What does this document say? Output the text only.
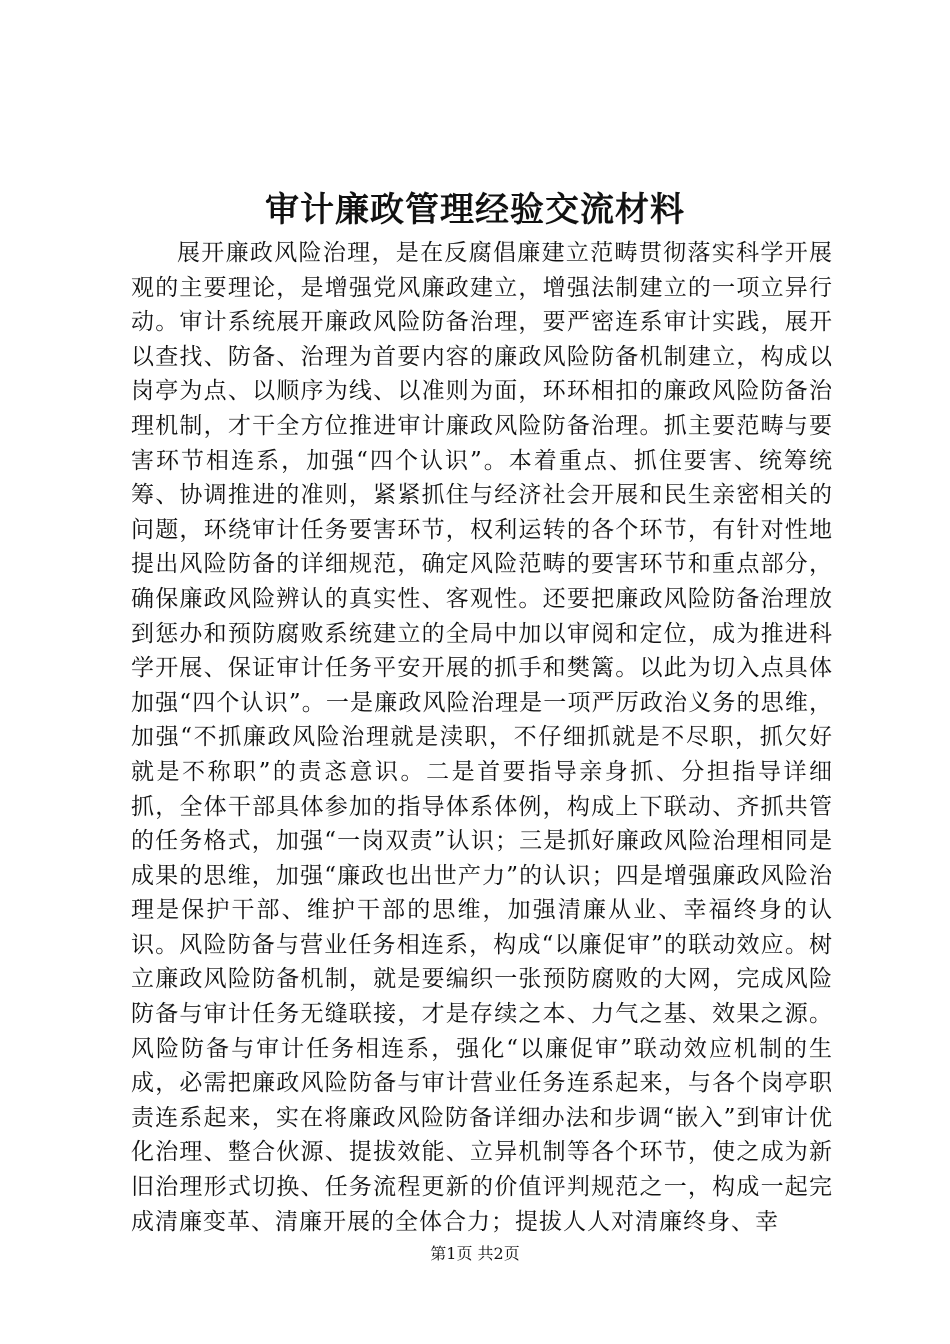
审计廉政管理经验交流材料

展开廉政风险治理，是在反腐倡廉建立范畴贯彻落实科学开展观的主要理论，是增强党风廉政建立，增强法制建立的一项立异行动。审计系统展开廉政风险防备治理，要严密连系审计实践，展开以查找、防备、治理为首要内容的廉政风险防备机制建立，构成以岗亭为点、以顺序为线、以准则为面，环环相扣的廉政风险防备治理机制，才干全方位推进审计廉政风险防备治理。抓主要范畴与要害环节相连系，加强“四个认识”。本着重点、抓住要害、统筹统筹、协调推进的准则，紧紧抓住与经济社会开展和民生亲密相关的问题，环绕审计任务要害环节，权利运转的各个环节，有针对性地提出风险防备的详细规范，确定风险范畴的要害环节和重点部分，确保廉政风险辨认的真实性、客观性。还要把廉政风险防备治理放到惩办和预防腐败系统建立的全局中加以审阅和定位，成为推进科学开展、保证审计任务平安开展的抓手和樊篱。以此为切入点具体加强“四个认识”。一是廉政风险治理是一项严厉政治义务的思维，加强“不抓廉政风险治理就是渎职，不仔细抓就是不尽职，抓欠好就是不称职”的责忞意识。二是首要指导亲身抓、分担指导详细抓，全体干部具体参加的指导体系体例，构成上下联动、齐抓共管的任务格式，加强“一岗双责”认识；三是抓好廉政风险治理相同是成果的思维，加强“廉政也出世产力”的认识；四是增强廉政风险治理是保护干部、维护干部的思维，加强清廉从业、幸福终身的认识。风险防备与营业任务相连系，构成“以廉促审”的联动效应。树立廉政风险防备机制，就是要编织一张预防腐败的大网，完成风险防备与审计任务无缝联接，才是存续之本、力气之基、效果之源。风险防备与审计任务相连系，强化“以廉促审”联动效应机制的生成，必需把廉政风险防备与审计营业任务连系起来，与各个岗亭职责连系起来，实在将廉政风险防备详细办法和步调“嵌入”到审计优化治理、整合伙源、提拔效能、立异机制等各个环节，使之成为新旧治理形式切换、任务流程更新的价值评判规范之一，构成一起完成清廉变革、清廉开展的全体合力；提拔人人对清廉终身、幸

第1页 共2页
